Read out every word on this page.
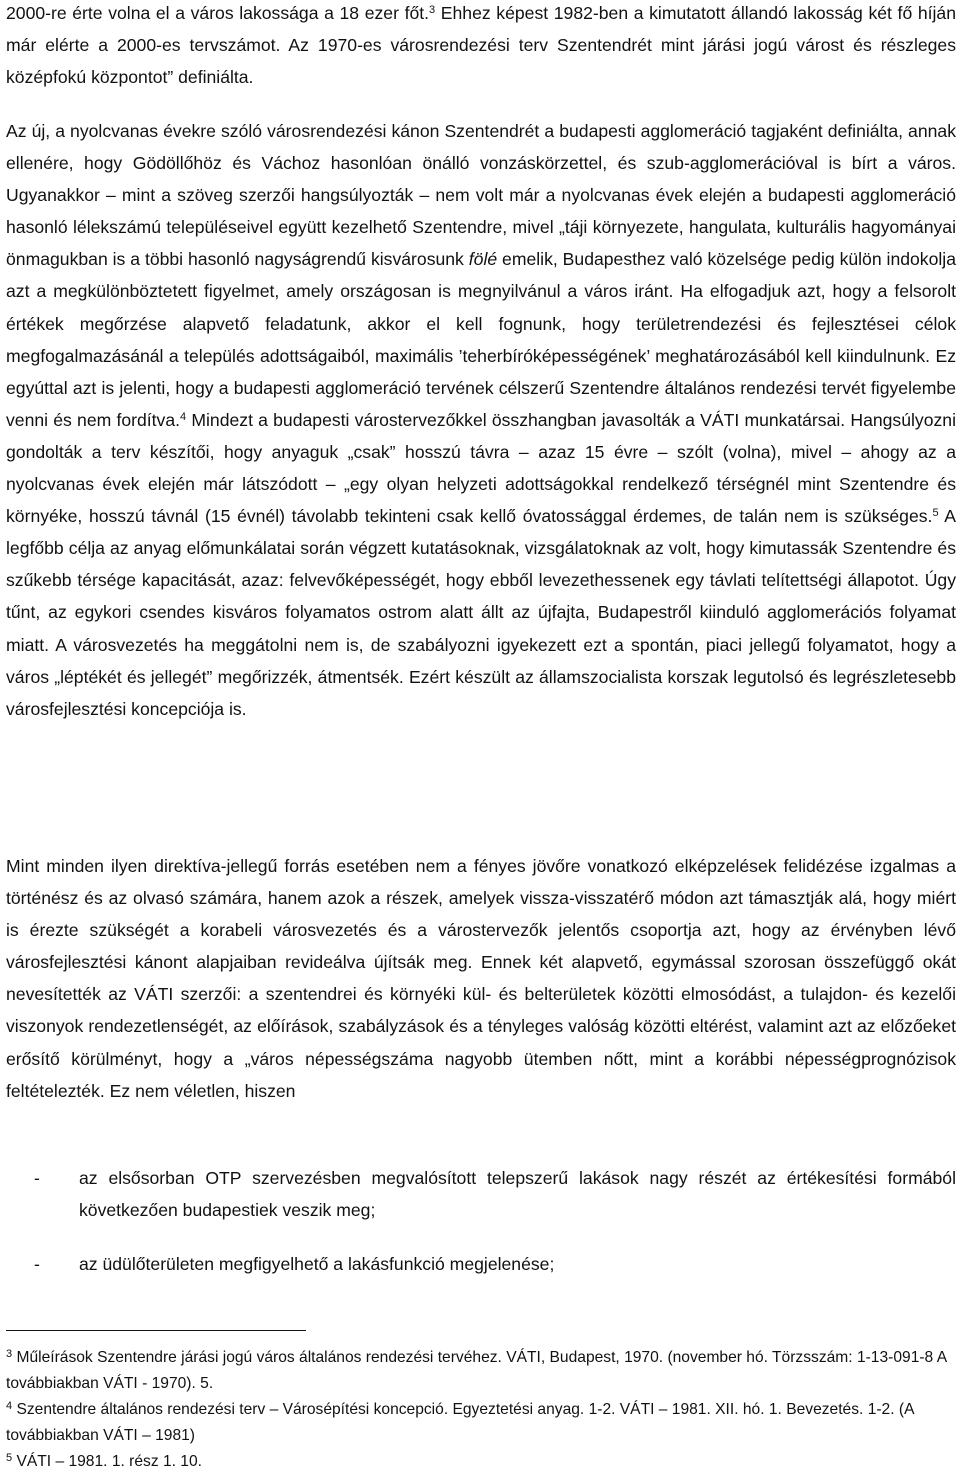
2000-re érte volna el a város lakossága a 18 ezer főt.$^3$ Ehhez képest 1982-ben a kimutatott állandó lakosság két fő híján már elérte a 2000-es tervszámot. Az 1970-es városrendezési terv Szentendrét mint járási jogú várost és részleges középfokú központot” definiálta.

Az új, a nyolcvanas évekre szóló városrendezési kánon Szentendrét a budapesti agglomeráció tagjaként definiálta, annak ellenére, hogy Gödöllőhöz és Váchoz hasonlóan önálló vonzáskörzettel, és szub-agglomerációval is bírt a város. Ugyanakkor – mint a szöveg szerzői hangsúlyozták – nem volt már a nyolcvanas évek elején a budapesti agglomeráció hasonló lélekszámú településeivel együtt kezelhető Szentendre, mivel „táji környezete, hangulata, kulturális hagyományai önmagukban is a többi hasonló nagyságrendű kisvárosunk fölé emelik, Budapesthez való közelsége pedig külön indokolja azt a megkülönböztetett figyelmet, amely országosan is megnyilvánul a város iránt. Ha elfogadjuk azt, hogy a felsorolt értékek megőrzése alapvető feladatunk, akkor el kell fognunk, hogy területrendezési és fejlesztései célok megfogalmazásánál a település adottságaiból, maximális ’teherbíróképességének’ meghatározásából kell kiindulnunk. Ez egyúttal azt is jelenti, hogy a budapesti agglomeráció tervének célszerű Szentendre általános rendezési tervét figyelembe venni és nem fordítva.$^4$ Mindezt a budapesti várostervezőkkel összhangban javasolták a VÁTI munkatársai. Hangsúlyozni gondolták a terv készítői, hogy anyaguk „csak” hosszú távra – azaz 15 évre – szólt (volna), mivel – ahogy az a nyolcvanas évek elején már látszódott – „egy olyan helyzeti adottságokkal rendelkező térségnél mint Szentendre és környéke, hosszú távnál (15 évnél) távolabb tekinteni csak kellő óvatossággal érdemes, de talán nem is szükséges.$^5$ A legfőbb célja az anyag előmunkálatai során végzett kutatásoknak, vizsgálatoknak az volt, hogy kimutassák Szentendre és szűkebb térsége kapacitását, azaz: felvevőképességét, hogy ebből levezethessenek egy távlati telítettségi állapotot. Úgy tűnt, az egykori csendes kisváros folyamatos ostrom alatt állt az újfajta, Budapestről kiinduló agglomerációs folyamat miatt. A városvezetés ha meggátolni nem is, de szabályozni igyekezett ezt a spontán, piaci jellegű folyamatot, hogy a város „léptékét és jellegét” megőrizzék, átmentsék. Ezért készült az államszocialista korszak legutolsó és legrészletesebb városfejlesztési koncepciója is.

Mint minden ilyen direktíva-jellegű forrás esetében nem a fényes jövőre vonatkozó elképzelések felidézése izgalmas a történész és az olvasó számára, hanem azok a részek, amelyek vissza-visszatérő módon azt támasztják alá, hogy miért is érezte szükségét a korabeli városvezetés és a várostervezők jelentős csoportja azt, hogy az érvényben lévő városfejlesztési kánont alapjaiban revideálva újítsák meg. Ennek két alapvető, egymással szorosan összefüggő okát nevesítették az VÁTI szerzői: a szentendrei és környéki kül- és belterületek közötti elmosódást, a tulajdon- és kezelői viszonyok rendezetlenségét, az előírások, szabályzások és a tényleges valóság közötti eltérést, valamint azt az előzőeket erősítő körülményt, hogy a „város népességszáma nagyobb ütemben nőtt, mint a korábbi népességprognózisok feltételezték. Ez nem véletlen, hiszen

- az elsősorban OTP szervezésben megvalósított telepszerű lakások nagy részét az értékesítési formából következően budapestiek veszik meg;
- az üdülőterületen megfigyelhető a lakásfunkció megjelenése;

$^3$ Műleírások Szentendre járási jogú város általános rendezési tervéhez. VÁTI, Budapest, 1970. (november hó. Törzsszám: 1-13-091-8 A továbbiakban VÁTI - 1970). 5.

$^4$ Szentendre általános rendezési terv – Városépítési koncepció. Egyeztetési anyag. 1-2. VÁTI – 1981. XII. hó. 1. Bevezetés. 1-2. (A továbbiakban VÁTI – 1981)

$^5$ VÁTI – 1981. 1. rész 1. 10.
